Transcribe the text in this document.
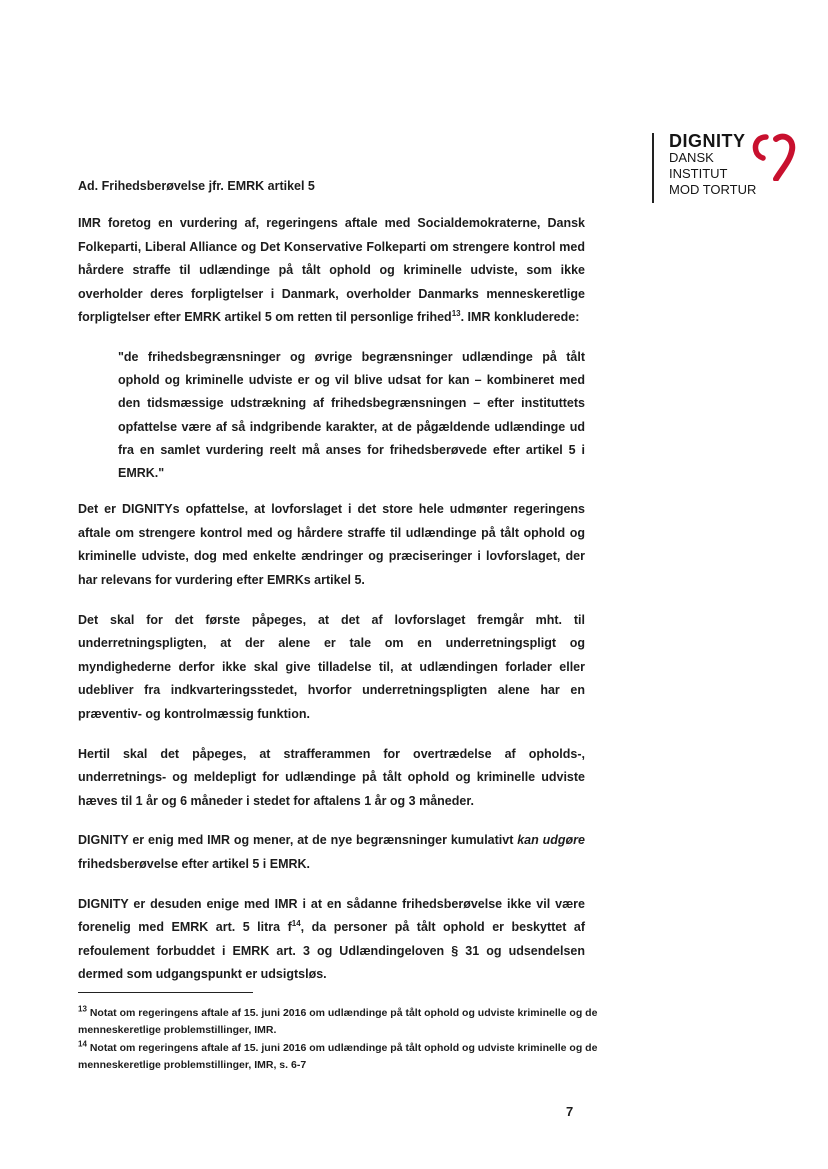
DIGNITY
DANSK
INSTITUT
MOD TORTUR
Ad. Frihedsberøvelse jfr. EMRK artikel 5

IMR foretog en vurdering af, regeringens aftale med Socialdemokraterne, Dansk Folkeparti, Liberal Alliance og Det Konservative Folkeparti om strengere kontrol med hårdere straffe til udlændinge på tålt ophold og kriminelle udviste, som ikke overholder deres forpligtelser i Danmark, overholder Danmarks menneskeretlige forpligtelser efter EMRK artikel 5 om retten til personlige frihed$^{13}$. IMR konkluderede:

"de frihedsbegrænsninger og øvrige begrænsninger udlændinge på tålt ophold og kriminelle udviste er og vil blive udsat for kan – kombineret med den tidsmæssige udstrækning af frihedsbegrænsningen – efter instituttets opfattelse være af så indgribende karakter, at de pågældende udlændinge ud fra en samlet vurdering reelt må anses for frihedsberøvede efter artikel 5 i EMRK."

Det er DIGNITYs opfattelse, at lovforslaget i det store hele udmønter regeringens aftale om strengere kontrol med og hårdere straffe til udlændinge på tålt ophold og kriminelle udviste, dog med enkelte ændringer og præciseringer i lovforslaget, der har relevans for vurdering efter EMRKs artikel 5.

Det skal for det første påpeges, at det af lovforslaget fremgår mht. til underretningspligten, at der alene er tale om en underretningspligt og myndighederne derfor ikke skal give tilladelse til, at udlændingen forlader eller udebliver fra indkvarteringsstedet, hvorfor underretningspligten alene har en præventiv- og kontrolmæssig funktion.

Hertil skal det påpeges, at strafferammen for overtrædelse af opholds-, underretnings- og meldepligt for udlændinge på tålt ophold og kriminelle udviste hæves til 1 år og 6 måneder i stedet for aftalens 1 år og 3 måneder.

DIGNITY er enig med IMR og mener, at de nye begrænsninger kumulativt kan udgøre frihedsberøvelse efter artikel 5 i EMRK.

DIGNITY er desuden enige med IMR i at en sådanne frihedsberøvelse ikke vil være forenelig med EMRK art. 5 litra $f^{14}$, da personer på tålt ophold er beskyttet af refoulement forbuddet i EMRK art. 3 og Udlændingeloven § 31 og udsendelsen dermed som udgangspunkt er udsigtsløs.

$^{13}$ Notat om regeringens aftale af 15. juni 2016 om udlændinge på tålt ophold og udviste kriminelle og de menneskeretlige problemstillinger, IMR.
$^{14}$ Notat om regeringens aftale af 15. juni 2016 om udlændinge på tålt ophold og udviste kriminelle og de menneskeretlige problemstillinger, IMR, s. 6-7
7
